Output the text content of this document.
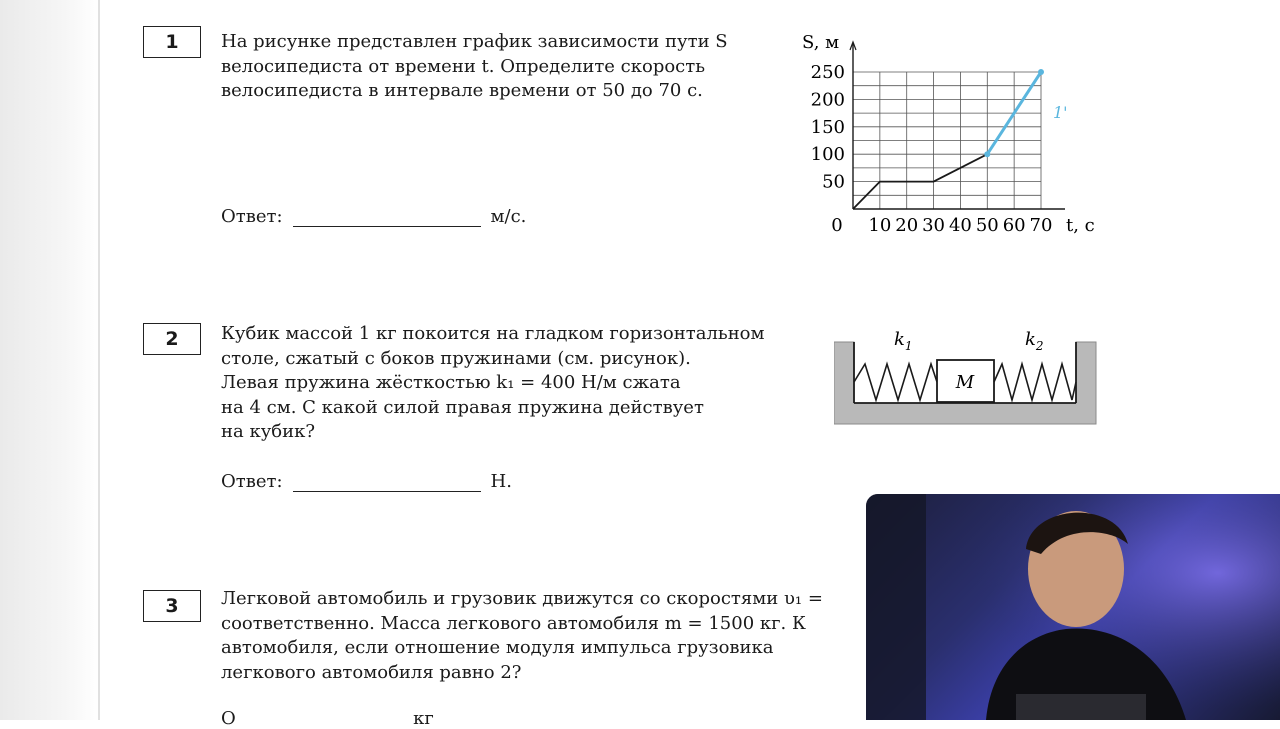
1	На рисунке представлен график зависимости пути S
велосипедиста от времени t. Определите скорость
велосипедиста в интервале времени от 50 до 70 с.
Ответ:	м/с.	0 10 20 30 40 50 60 70
50
100
150
200
250
S, м
t, с
1'
2	Кубик массой 1 кг покоится на гладком горизонтальном
столе, сжатый с боков пружинами (см. рисунок).
Левая пружина жёсткостью k₁ = 400 Н/м сжата
на 4 см. С какой силой правая пружина действует
на кубик?
Ответ:	Н.
M
$k_1$	$k_2$
3	Легковой автомобиль и грузовик движутся со скоростями υ₁ =
соответственно. Масса легкового автомобиля m = 1500 кг. К
автомобиля, если отношение модуля импульса грузовика
легкового автомобиля равно 2?
О                               кг
